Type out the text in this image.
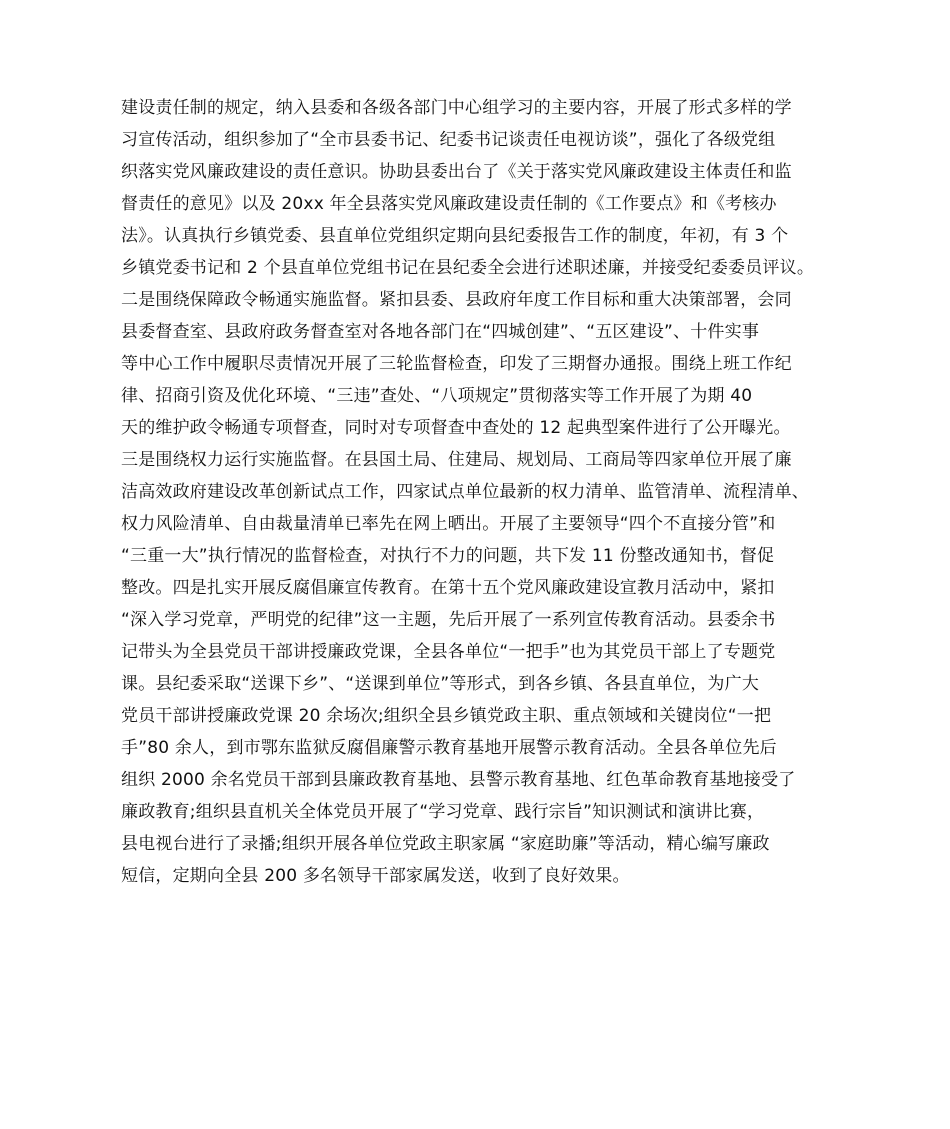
建设责任制的规定，纳入县委和各级各部门中心组学习的主要内容，开展了形式多样的学
习宣传活动，组织参加了“全市县委书记、纪委书记谈责任电视访谈”，强化了各级党组
织落实党风廉政建设的责任意识。协助县委出台了《关于落实党风廉政建设主体责任和监
督责任的意见》以及 20xx 年全县落实党风廉政建设责任制的《工作要点》和《考核办
法》。认真执行乡镇党委、县直单位党组织定期向县纪委报告工作的制度，年初，有 3 个
乡镇党委书记和 2 个县直单位党组书记在县纪委全会进行述职述廉，并接受纪委委员评议。
二是围绕保障政令畅通实施监督。紧扣县委、县政府年度工作目标和重大决策部署，会同
县委督查室、县政府政务督查室对各地各部门在“四城创建”、“五区建设”、十件实事
等中心工作中履职尽责情况开展了三轮监督检查，印发了三期督办通报。围绕上班工作纪
律、招商引资及优化环境、“三违”查处、“八项规定”贯彻落实等工作开展了为期 40
天的维护政令畅通专项督查，同时对专项督查中查处的 12 起典型案件进行了公开曝光。
三是围绕权力运行实施监督。在县国土局、住建局、规划局、工商局等四家单位开展了廉
洁高效政府建设改革创新试点工作，四家试点单位最新的权力清单、监管清单、流程清单、
权力风险清单、自由裁量清单已率先在网上晒出。开展了主要领导“四个不直接分管”和
“三重一大”执行情况的监督检查，对执行不力的问题，共下发 11 份整改通知书，督促
整改。四是扎实开展反腐倡廉宣传教育。在第十五个党风廉政建设宣教月活动中，紧扣
“深入学习党章，严明党的纪律”这一主题，先后开展了一系列宣传教育活动。县委余书
记带头为全县党员干部讲授廉政党课，全县各单位“一把手”也为其党员干部上了专题党
课。县纪委采取“送课下乡”、“送课到单位”等形式，到各乡镇、各县直单位，为广大
党员干部讲授廉政党课 20 余场次;组织全县乡镇党政主职、重点领域和关键岗位“一把
手”80 余人，到市鄂东监狱反腐倡廉警示教育基地开展警示教育活动。全县各单位先后
组织 2000 余名党员干部到县廉政教育基地、县警示教育基地、红色革命教育基地接受了
廉政教育;组织县直机关全体党员开展了“学习党章、践行宗旨”知识测试和演讲比赛，
县电视台进行了录播;组织开展各单位党政主职家属 “家庭助廉”等活动，精心编写廉政
短信，定期向全县 200 多名领导干部家属发送，收到了良好效果。
